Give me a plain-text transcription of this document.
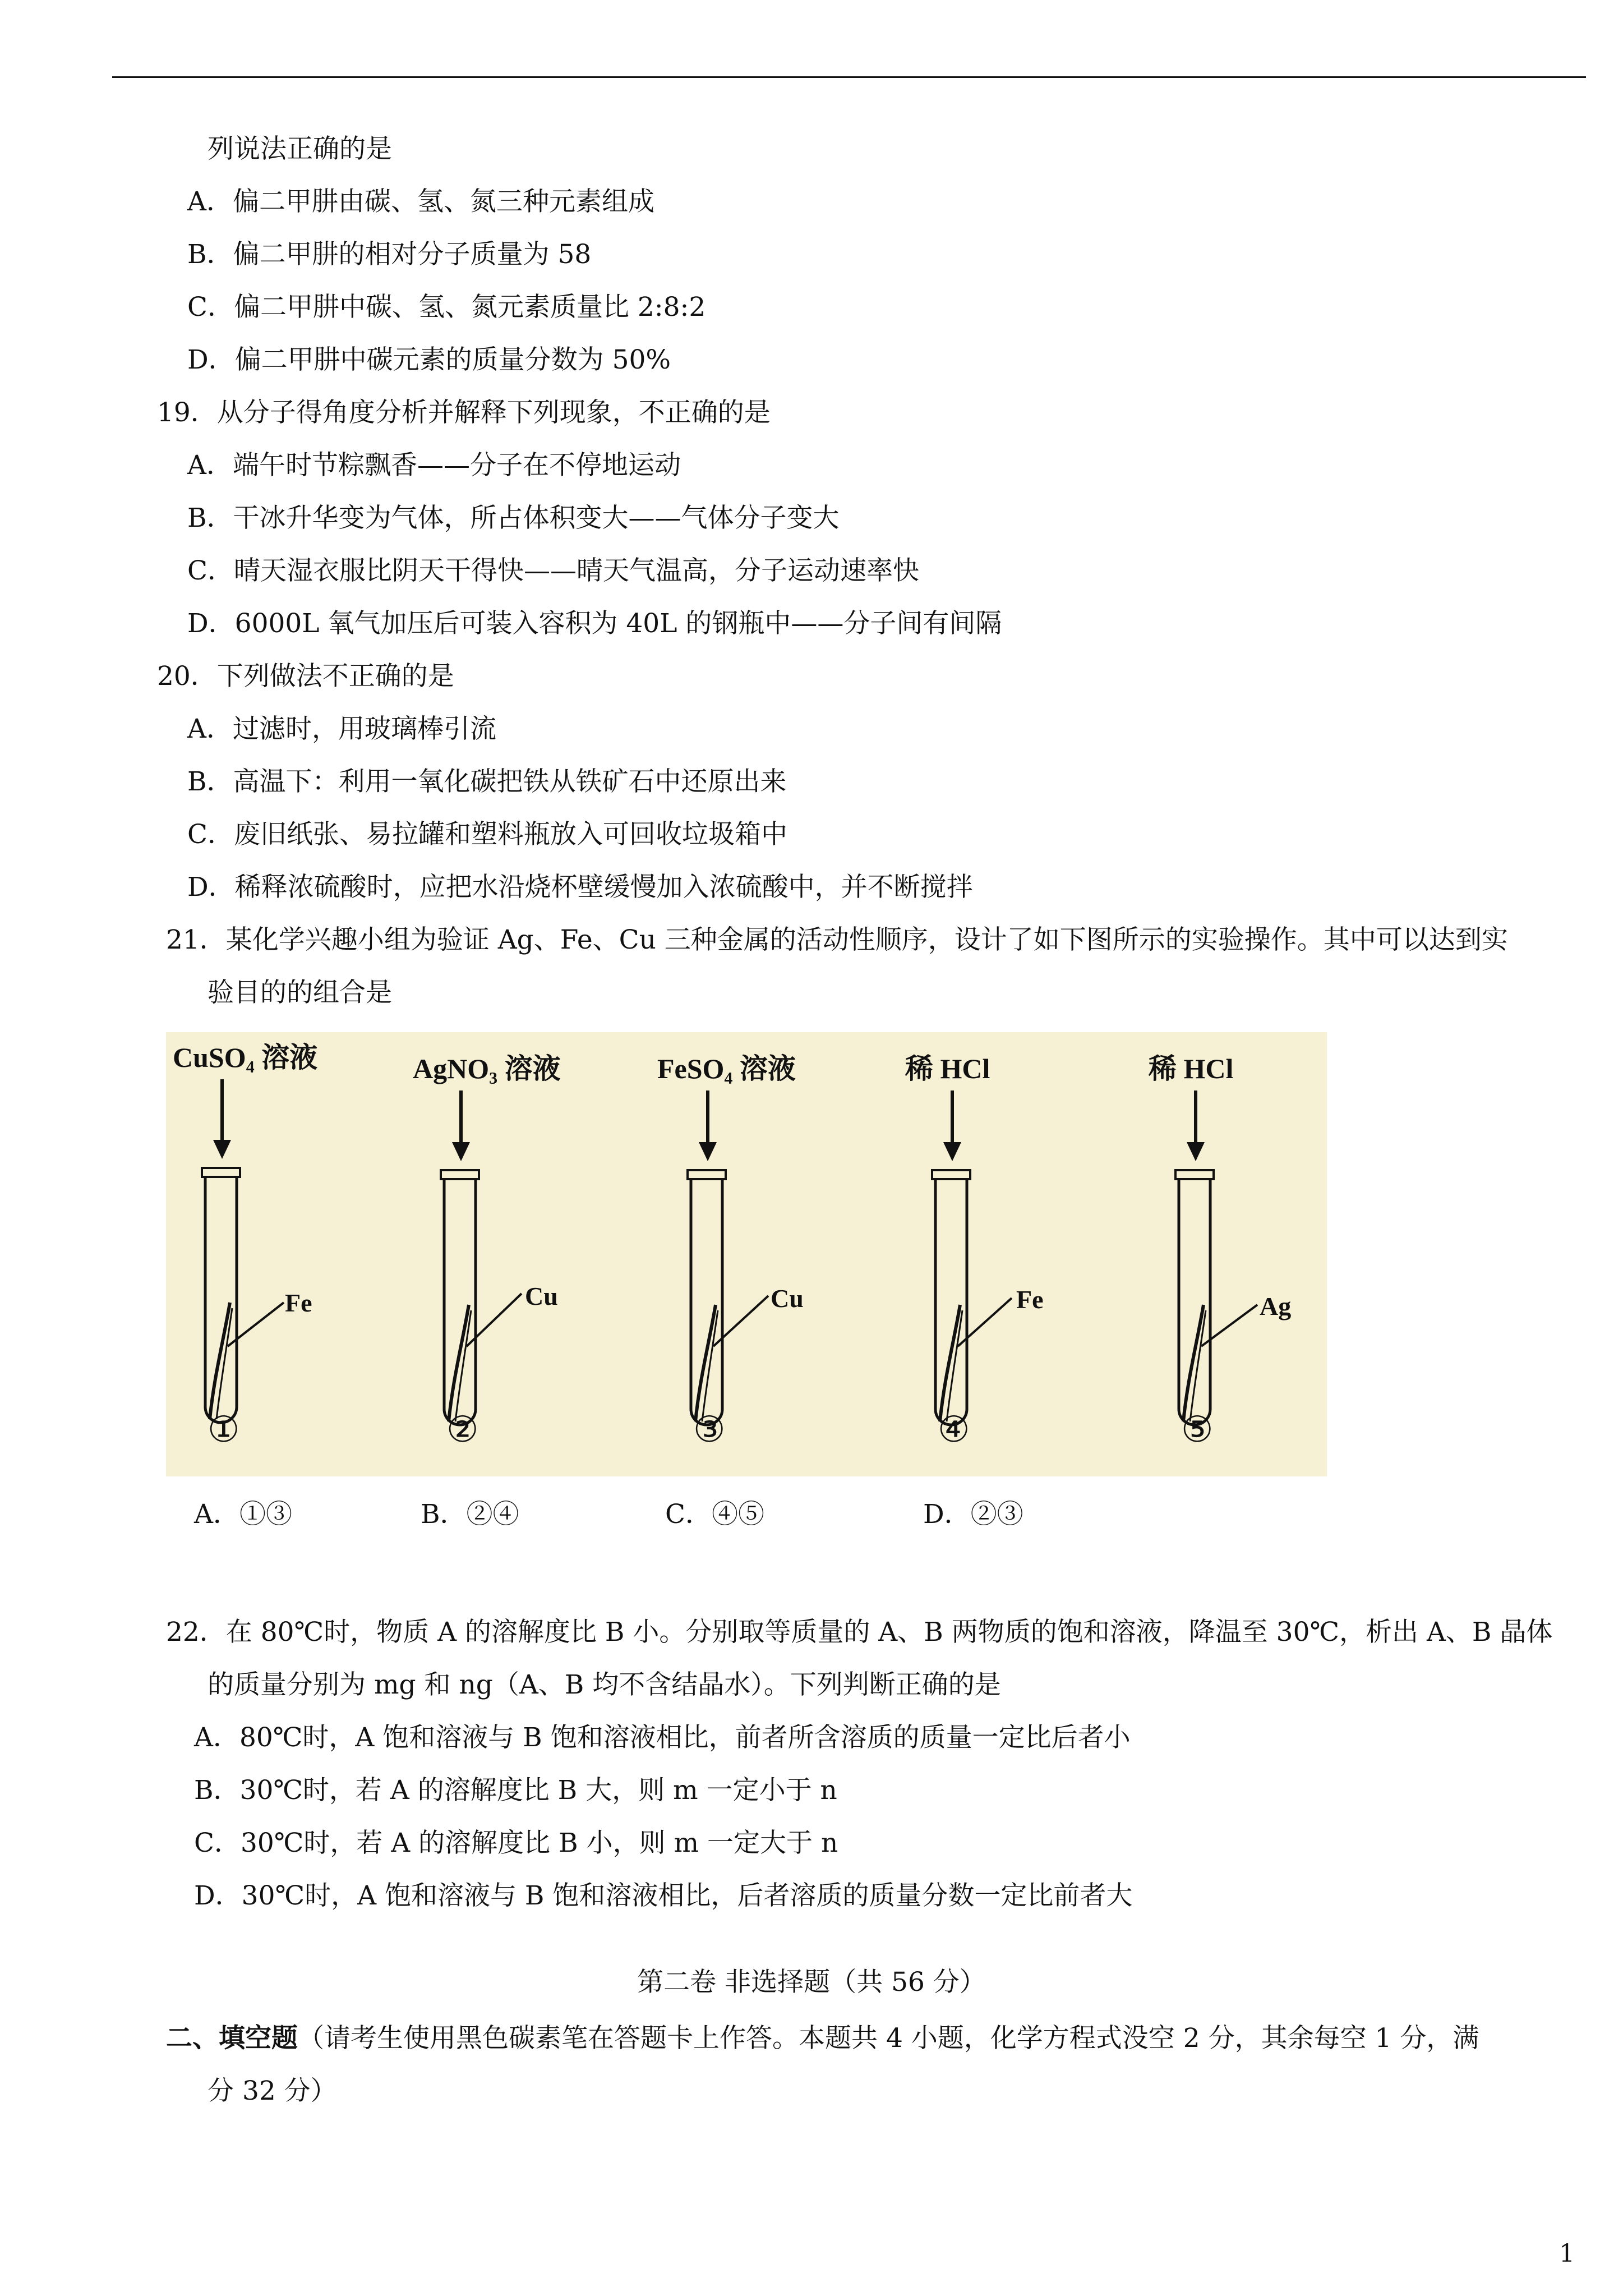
列说法正确的是
A．偏二甲肼由碳、氢、氮三种元素组成
B．偏二甲肼的相对分子质量为 58
C．偏二甲肼中碳、氢、氮元素质量比 2:8:2
D．偏二甲肼中碳元素的质量分数为 50%
19．从分子得角度分析并解释下列现象，不正确的是
A．端午时节粽飘香——分子在不停地运动
B．干冰升华变为气体，所占体积变大——气体分子变大
C．晴天湿衣服比阴天干得快——晴天气温高，分子运动速率快
D．6000L 氧气加压后可装入容积为 40L 的钢瓶中——分子间有间隔
20．下列做法不正确的是
A．过滤时，用玻璃棒引流
B．高温下：利用一氧化碳把铁从铁矿石中还原出来
C．废旧纸张、易拉罐和塑料瓶放入可回收垃圾箱中
D．稀释浓硫酸时，应把水沿烧杯壁缓慢加入浓硫酸中，并不断搅拌
21．某化学兴趣小组为验证 Ag、Fe、Cu 三种金属的活动性顺序，设计了如下图所示的实验操作。其中可以达到实
验目的的组合是
CuSO₄ 溶液
Fe
①
AgNO₃ 溶液
Cu
②
FeSO₄ 溶液
Cu
③
稀 HCl
Fe
④
稀 HCl
Ag
⑤
A．①③	B．②④	C．④⑤	D．②③
22．在 80℃时，物质 A 的溶解度比 B 小。分别取等质量的 A、B 两物质的饱和溶液，降温至 30℃，析出 A、B 晶体
的质量分别为 mg 和 ng（A、B 均不含结晶水）。下列判断正确的是
A．80℃时，A 饱和溶液与 B 饱和溶液相比，前者所含溶质的质量一定比后者小
B．30℃时，若 A 的溶解度比 B 大，则 m 一定小于 n
C．30℃时，若 A 的溶解度比 B 小，则 m 一定大于 n
D．30℃时，A 饱和溶液与 B 饱和溶液相比，后者溶质的质量分数一定比前者大
第二卷 非选择题（共 56 分）
二、填空题（请考生使用黑色碳素笔在答题卡上作答。本题共 4 小题，化学方程式没空 2 分，其余每空 1 分，满
分 32 分）
1
